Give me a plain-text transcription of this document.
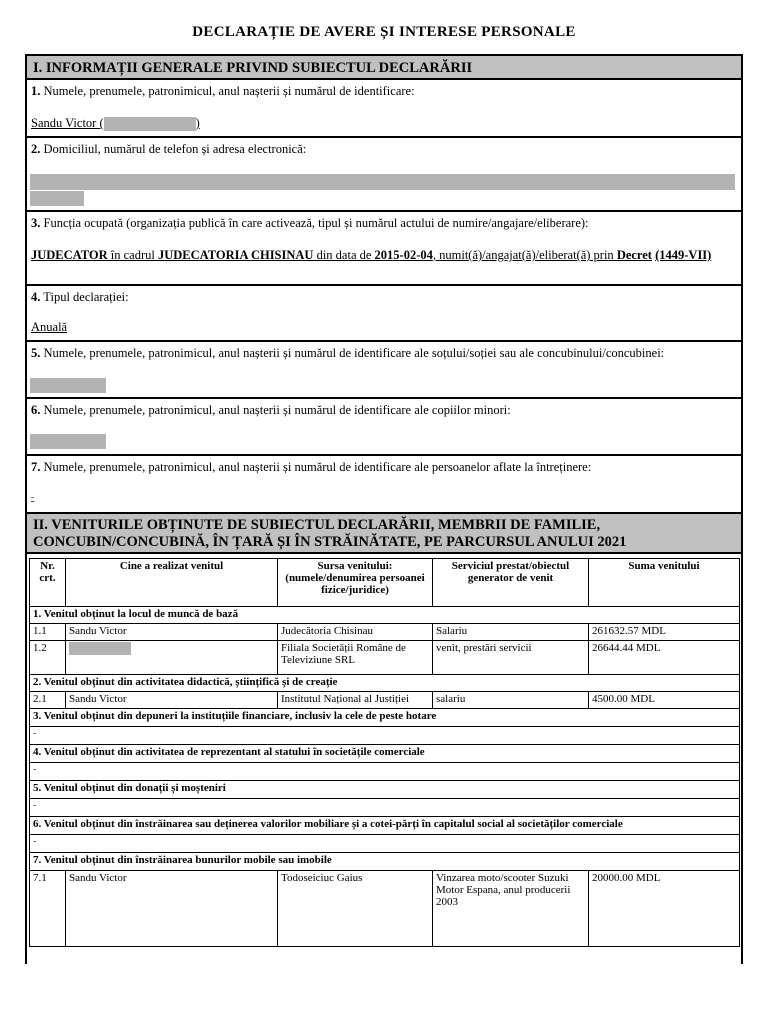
DECLARAȚIE DE AVERE ȘI INTERESE PERSONALE
I. INFORMAȚII GENERALE PRIVIND SUBIECTUL DECLARĂRII
1. Numele, prenumele, patronimicul, anul nașterii și numărul de identificare:
Sandu Victor (	)
2. Domiciliul, numărul de telefon și adresa electronică:
3. Funcția ocupată (organizația publică în care activează, tipul și numărul actului de numire/angajare/eliberare):
JUDECATOR în cadrul JUDECATORIA CHISINAU din data de 2015-02-04, numit(ă)/angajat(ă)/eliberat(ă) prin Decret (1449-VII)
4. Tipul declarației:
Anuală
5. Numele, prenumele, patronimicul, anul nașterii și numărul de identificare ale soțului/soției sau ale concubinului/concubinei:
6. Numele, prenumele, patronimicul, anul nașterii și numărul de identificare ale copiilor minori:
7. Numele, prenumele, patronimicul, anul nașterii și numărul de identificare ale persoanelor aflate la întreținere:
-
II. VENITURILE OBȚINUTE DE SUBIECTUL DECLARĂRII, MEMBRII DE FAMILIE,
CONCUBIN/CONCUBINĂ, ÎN ȚARĂ ȘI ÎN STRĂINĂTATE, PE PARCURSUL ANULUI 2021
Nr. crt.	Cine a realizat venitul	Sursa venitului: (numele/denumirea persoanei fizice/juridice)	Serviciul prestat/obiectul generator de venit	Suma venitului
1. Venitul obținut la locul de muncă de bază				
1.1	Sandu Victor	Judecătoria Chisinau	Salariu	261632.57 MDL
1.2		Filiala Societății Române de Televiziune SRL	venit, prestări servicii	26644.44 MDL
2. Venitul obținut din activitatea didactică, științifică și de creație				
2.1	Sandu Victor	Institutul Național al Justiției	salariu	4500.00 MDL
3. Venitul obținut din depuneri la instituțiile financiare, inclusiv la cele de peste hotare				
-				
4. Venitul obținut din activitatea de reprezentant al statului în societățile comerciale				
-				
5. Venitul obținut din donații și moșteniri				
-				
6. Venitul obținut din înstrăinarea sau deținerea valorilor mobiliare și a cotei-părți în capitalul social al societăților comerciale				
-				
7. Venitul obținut din înstrăinarea bunurilor mobile sau imobile				
7.1	Sandu Victor	Todoseiciuc Gaius	Vinzarea moto/scooter Suzuki Motor Espana, anul producerii 2003	20000.00 MDL
